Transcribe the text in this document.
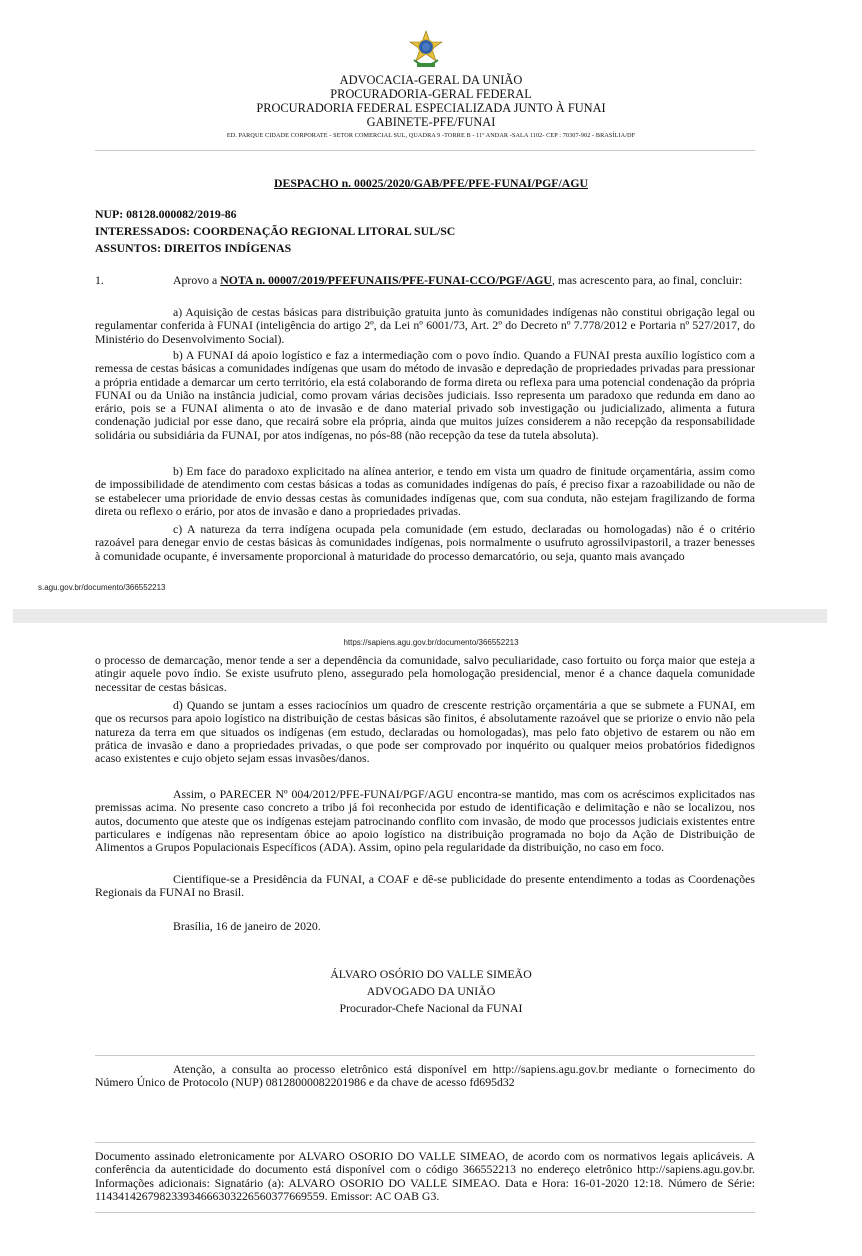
ADVOCACIA-GERAL DA UNIÃO
PROCURADORIA-GERAL FEDERAL
PROCURADORIA FEDERAL ESPECIALIZADA JUNTO À FUNAI
GABINETE-PFE/FUNAI
ED. PARQUE CIDADE CORPORATE - SETOR COMERCIAL SUL, QUADRA 9 -TORRE B - 11º ANDAR -SALA 1102- CEP : 70307-902 - BRASÍLIA/DF
DESPACHO n. 00025/2020/GAB/PFE/PFE-FUNAI/PGF/AGU
NUP: 08128.000082/2019-86
INTERESSADOS: COORDENAÇÃO REGIONAL LITORAL SUL/SC
ASSUNTOS: DIREITOS INDÍGENAS
1.	Aprovo a NOTA n. 00007/2019/PFEFUNAIIS/PFE-FUNAI-CCO/PGF/AGU, mas acrescento para, ao final, concluir:
a) Aquisição de cestas básicas para distribuição gratuita junto às comunidades indígenas não constitui obrigação legal ou regulamentar conferida à FUNAI (inteligência do artigo 2º, da Lei nº 6001/73, Art. 2º do Decreto nº 7.778/2012 e Portaria nº 527/2017, do Ministério do Desenvolvimento Social).
b) A FUNAI dá apoio logístico e faz a intermediação com o povo índio. Quando a FUNAI presta auxílio logístico com a remessa de cestas básicas a comunidades indígenas que usam do método de invasão e depredação de propriedades privadas para pressionar a própria entidade a demarcar um certo território, ela está colaborando de forma direta ou reflexa para uma potencial condenação da própria FUNAI ou da União na instância judicial, como provam várias decisões judiciais. Isso representa um paradoxo que redunda em dano ao erário, pois se a FUNAI alimenta o ato de invasão e de dano material privado sob investigação ou judicializado, alimenta a futura condenação judicial por esse dano, que recairá sobre ela própria, ainda que muitos juízes considerem a não recepção da responsabilidade solidária ou subsidiária da FUNAI, por atos indígenas, no pós-88 (não recepção da tese da tutela absoluta).
b) Em face do paradoxo explicitado na alínea anterior, e tendo em vista um quadro de finitude orçamentária, assim como de impossibilidade de atendimento com cestas básicas a todas as comunidades indígenas do país, é preciso fixar a razoabilidade ou não de se estabelecer uma prioridade de envio dessas cestas às comunidades indígenas que, com sua conduta, não estejam fragilizando de forma direta ou reflexo o erário, por atos de invasão e dano a propriedades privadas.
c) A natureza da terra indígena ocupada pela comunidade (em estudo, declaradas ou homologadas) não é o critério razoável para denegar envio de cestas básicas às comunidades indígenas, pois normalmente o usufruto agrossilvipastoril, a trazer benesses à comunidade ocupante, é inversamente proporcional à maturidade do processo demarcatório, ou seja, quanto mais avançado
s.agu.gov.br/documento/366552213
https://sapiens.agu.gov.br/documento/366552213
o processo de demarcação, menor tende a ser a dependência da comunidade, salvo peculiaridade, caso fortuito ou força maior que esteja a atingir aquele povo índio. Se existe usufruto pleno, assegurado pela homologação presidencial, menor é a chance daquela comunidade necessitar de cestas básicas.
d) Quando se juntam a esses raciocínios um quadro de crescente restrição orçamentária a que se submete a FUNAI, em que os recursos para apoio logístico na distribuição de cestas básicas são finitos, é absolutamente razoável que se priorize o envio não pela natureza da terra em que situados os indígenas (em estudo, declaradas ou homologadas), mas pelo fato objetivo de estarem ou não em prática de invasão e dano a propriedades privadas, o que pode ser comprovado por inquérito ou qualquer meios probatórios fidedignos acaso existentes e cujo objeto sejam essas invasões/danos.
Assim, o PARECER Nº 004/2012/PFE-FUNAI/PGF/AGU encontra-se mantido, mas com os acréscimos explicitados nas premissas acima. No presente caso concreto a tribo já foi reconhecida por estudo de identificação e delimitação e não se localizou, nos autos, documento que ateste que os indígenas estejam patrocinando conflito com invasão, de modo que processos judiciais existentes entre particulares e indígenas não representam óbice ao apoio logístico na distribuição programada no bojo da Ação de Distribuição de Alimentos a Grupos Populacionais Específicos (ADA). Assim, opino pela regularidade da distribuição, no caso em foco.
Cientifique-se a Presidência da FUNAI, a COAF e dê-se publicidade do presente entendimento a todas as Coordenações Regionais da FUNAI no Brasil.
Brasília, 16 de janeiro de 2020.
ÁLVARO OSÓRIO DO VALLE SIMEÃO
ADVOGADO DA UNIÃO
Procurador-Chefe Nacional da FUNAI
Atenção, a consulta ao processo eletrônico está disponível em http://sapiens.agu.gov.br mediante o fornecimento do Número Único de Protocolo (NUP) 08128000082201986 e da chave de acesso fd695d32
Documento assinado eletronicamente por ALVARO OSORIO DO VALLE SIMEAO, de acordo com os normativos legais aplicáveis. A conferência da autenticidade do documento está disponível com o código 366552213 no endereço eletrônico http://sapiens.agu.gov.br. Informações adicionais: Signatário (a): ALVARO OSORIO DO VALLE SIMEAO. Data e Hora: 16-01-2020 12:18. Número de Série: 114341426798233934666303226560377669559. Emissor: AC OAB G3.
